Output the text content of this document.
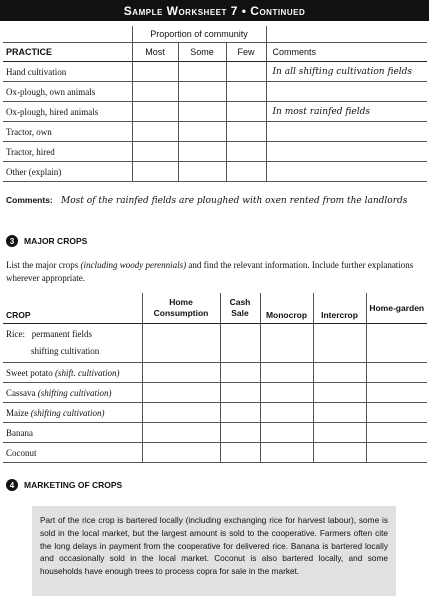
Sample Worksheet 7 • Continued
	Proportion of community			
PRACTICE	Most	Some	Few	Comments
Hand cultivation				In all shifting cultivation fields
Ox-plough, own animals				
Ox-plough, hired animals				In most rainfed fields
Tractor, own				
Tractor, hired				
Other (explain)				
Comments: Most of the rainfed fields are ploughed with oxen rented from the landlords
3	MAJOR CROPS
List the major crops (including woody perennials) and find the relevant information. Include further explanations wherever appropriate.
CROP	Home Consumption	Cash Sale	Monocrop	Intercrop	Home-garden
Rice: permanent fields
shifting cultivation					
Sweet potato (shift. cultivation)					
Cassava (shifting cultivation)					
Maize (shifting cultivation)					
Banana					
Coconut					
4	MARKETING OF CROPS
Part of the rice crop is bartered locally (including exchanging rice for harvest labour), some is sold in the local market, but the largest amount is sold to the cooperative. Farmers often cite the long delays in payment from the cooperative for delivered rice. Banana is bartered locally and occasionally sold in the local market. Coconut is also bartered locally, and some households have enough trees to process copra for sale in the market.
